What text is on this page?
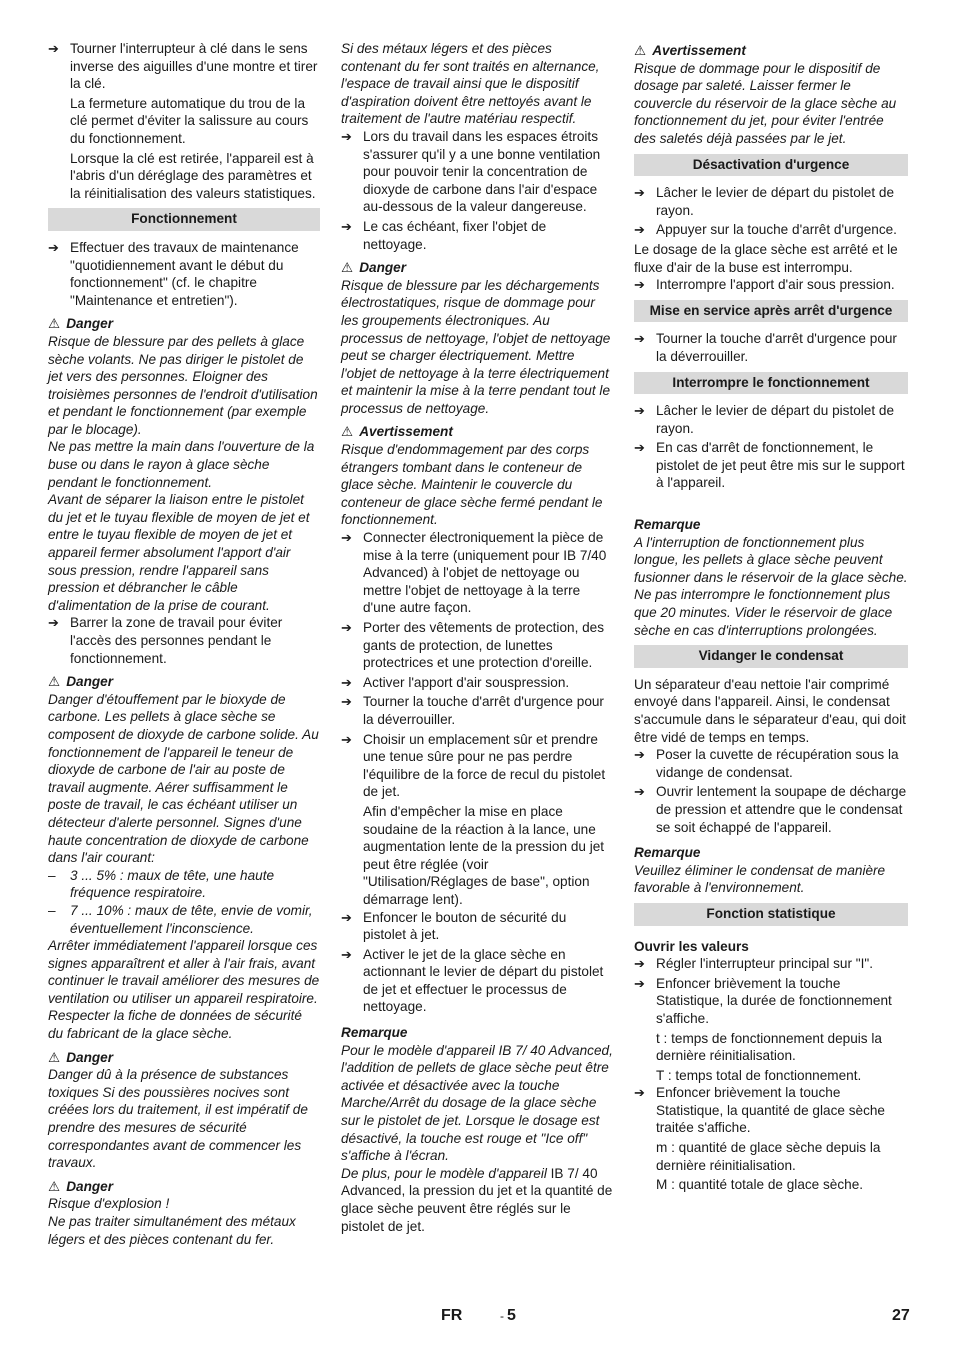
➔ Tourner l'interrupteur à clé dans le sens inverse des aiguilles d'une montre et tirer la clé.
La fermeture automatique du trou de la clé permet d'éviter la salissure au cours du fonctionnement.
Lorsque la clé est retirée, l'appareil est à l'abris d'un déréglage des paramètres et la réinitialisation des valeurs statistiques.
Fonctionnement
➔ Effectuer des travaux de maintenance "quotidiennement avant le début du fonctionnement" (cf. le chapitre "Maintenance et entretien").
⚠ Danger
Risque de blessure par des pellets à glace sèche volants. Ne pas diriger le pistolet de jet vers des personnes. Eloigner des troisièmes personnes de l'endroit d'utilisation et pendant le fonctionnement (par exemple par le blocage).
Ne pas mettre la main dans l'ouverture de la buse ou dans le rayon à glace sèche pendant le fonctionnement.
Avant de séparer la liaison entre le pistolet du jet et le tuyau flexible de moyen de jet et entre le tuyau flexible de moyen de jet et appareil fermer absolument l'apport d'air sous pression, rendre l'appareil sans pression et débrancher le câble d'alimentation de la prise de courant.
➔ Barrer la zone de travail pour éviter l'accès des personnes pendant le fonctionnement.
⚠ Danger
Danger d'étouffement par le bioxyde de carbone. Les pellets à glace sèche se composent de dioxyde de carbone solide. Au fonctionnement de l'appareil le teneur de dioxyde de carbone de l'air au poste de travail augmente. Aérer suffisamment le poste de travail, le cas échéant utiliser un détecteur d'alerte personnel. Signes d'une haute concentration de dioxyde de carbone dans l'air courant:
–	3 ... 5% : maux de tête, une haute fréquence respiratoire.
–	7 ... 10% : maux de tête, envie de vomir, éventuellement l'inconscience.
Arrêter immédiatement l'appareil lorsque ces signes apparaîtrent et aller à l'air frais, avant continuer le travail améliorer des mesures de ventilation ou utiliser un appareil respiratoire.
Respecter la fiche de données de sécurité du fabricant de la glace sèche.
⚠ Danger
Danger dû à la présence de substances toxiques Si des poussières nocives sont créées lors du traitement, il est impératif de prendre des mesures de sécurité correspondantes avant de commencer les travaux.
⚠ Danger
Risque d'explosion !
Ne pas traiter simultanément des métaux légers et des pièces contenant du fer.
Si des métaux légers et des pièces contenant du fer sont traités en alternance, l'espace de travail ainsi que le dispositif d'aspiration doivent être nettoyés avant le traitement de l'autre matériau respectif.
➔ Lors du travail dans les espaces étroits s'assurer qu'il y a une bonne ventilation pour pouvoir tenir la concentration de dioxyde de carbone dans l'air d'espace au-dessous de la valeur dangereuse.
➔ Le cas échéant, fixer l'objet de nettoyage.
⚠ Danger
Risque de blessure par les déchargements électrostatiques, risque de dommage pour les groupements électroniques. Au processus de nettoyage, l'objet de nettoyage peut se charger électriquement. Mettre l'objet de nettoyage à la terre électriquement et maintenir la mise à la terre pendant tout le processus de nettoyage.
⚠ Avertissement
Risque d'endommagement par des corps étrangers tombant dans le conteneur de glace sèche. Maintenir le couvercle du conteneur de glace sèche fermé pendant le fonctionnement.
➔ Connecter électroniquement la pièce de mise à la terre (uniquement pour IB 7/40 Advanced) à l'objet de nettoyage ou mettre l'objet de nettoyage à la terre d'une autre façon.
➔ Porter des vêtements de protection, des gants de protection, de lunettes protectrices et une protection d'oreille.
➔ Activer l'apport d'air souspression.
➔ Tourner la touche d'arrêt d'urgence pour la déverrouiller.
➔ Choisir un emplacement sûr et prendre une tenue sûre pour ne pas perdre l'équilibre de la force de recul du pistolet de jet.
Afin d'empêcher la mise en place soudaine de la réaction à la lance, une augmentation lente de la pression du jet peut être réglée (voir "Utilisation/Réglages de base", option démarrage lent).
➔ Enfoncer le bouton de sécurité du pistolet à jet.
➔ Activer le jet de la glace sèche en actionnant le levier de départ du pistolet de jet et effectuer le processus de nettoyage.
Remarque
Pour le modèle d'appareil IB 7/ 40 Advanced, l'addition de pellets de glace sèche peut être activée et désactivée avec la touche Marche/Arrêt du dosage de la glace sèche sur le pistolet de jet. Lorsque le dosage est désactivé, la touche est rouge et "Ice off" s'affiche à l'écran.
De plus, pour le modèle d'appareil IB 7/ 40 Advanced, la pression du jet et la quantité de glace sèche peuvent être réglés sur le pistolet de jet.
⚠ Avertissement
Risque de dommage pour le dispositif de dosage par saleté. Laisser fermer le couvercle du réservoir de la glace sèche au fonctionnement du jet, pour éviter l'entrée des saletés déjà passées par le jet.
Désactivation d'urgence
➔ Lâcher le levier de départ du pistolet de rayon.
➔ Appuyer sur la touche d'arrêt d'urgence.
Le dosage de la glace sèche est arrêté et le fluxe d'air de la buse est interrompu.
➔ Interrompre l'apport d'air sous pression.
Mise en service après arrêt d'urgence
➔ Tourner la touche d'arrêt d'urgence pour la déverrouiller.
Interrompre le fonctionnement
➔ Lâcher le levier de départ du pistolet de rayon.
➔ En cas d'arrêt de fonctionnement, le pistolet de jet peut être mis sur le support à l'appareil.
Remarque
A l'interruption de fonctionnement plus longue, les pellets à glace sèche peuvent fusionner dans le réservoir de la glace sèche. Ne pas interrompre le fonctionnement plus que 20 minutes. Vider le réservoir de glace sèche en cas d'interruptions prolongées.
Vidanger le condensat
Un séparateur d'eau nettoie l'air comprimé envoyé dans l'appareil. Ainsi, le condensat s'accumule dans le séparateur d'eau, qui doit être vidé de temps en temps.
➔ Poser la cuvette de récupération sous la vidange de condensat.
➔ Ouvrir lentement la soupape de décharge de pression et attendre que le condensat se soit échappé de l'appareil.
Remarque
Veuillez éliminer le condensat de manière favorable à l'environnement.
Fonction statistique
Ouvrir les valeurs
➔ Régler l'interrupteur principal sur "I".
➔ Enfoncer brièvement la touche Statistique, la durée de fonctionnement s'affiche.
t : temps de fonctionnement depuis la dernière réinitialisation.
T : temps total de fonctionnement.
➔ Enfoncer brièvement la touche Statistique, la quantité de glace sèche traitée s'affiche.
m : quantité de glace sèche depuis la dernière réinitialisation.
M : quantité totale de glace sèche.
FR	- 5	27
